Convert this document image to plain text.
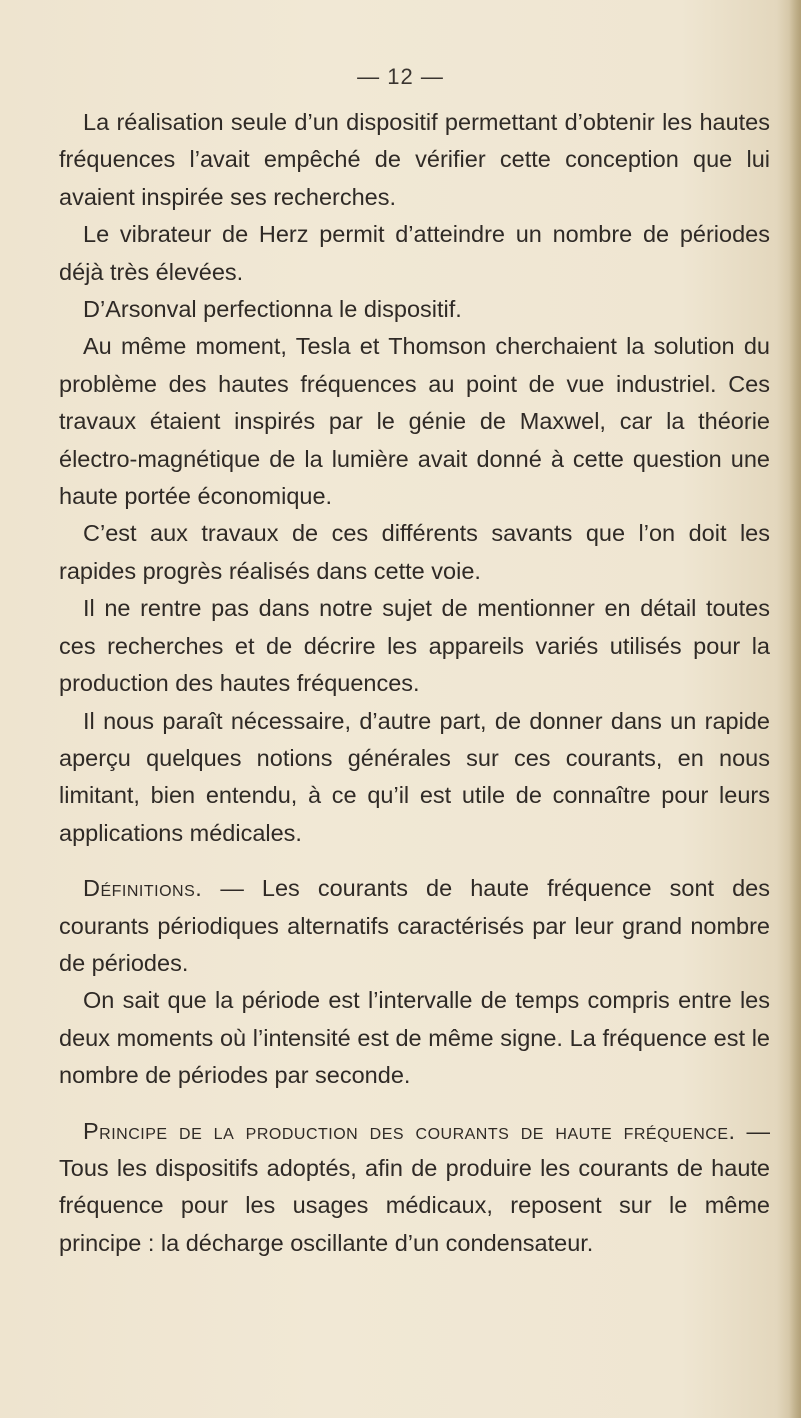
— 12 —

La réalisation seule d’un dispositif permettant d’obtenir les hautes fréquences l’avait empêché de vérifier cette conception que lui avaient inspirée ses recherches.

Le vibrateur de Herz permit d’atteindre un nombre de périodes déjà très élevées.

D’Arsonval perfectionna le dispositif.

Au même moment, Tesla et Thomson cherchaient la solution du problème des hautes fréquences au point de vue industriel. Ces travaux étaient inspirés par le génie de Maxwel, car la théorie électro-magnétique de la lumière avait donné à cette question une haute portée économique.

C’est aux travaux de ces différents savants que l’on doit les rapides progrès réalisés dans cette voie.

Il ne rentre pas dans notre sujet de mentionner en détail toutes ces recherches et de décrire les appareils variés utilisés pour la production des hautes fréquences.

Il nous paraît nécessaire, d’autre part, de donner dans un rapide aperçu quelques notions générales sur ces courants, en nous limitant, bien entendu, à ce qu’il est utile de connaître pour leurs applications médicales.

Définitions. — Les courants de haute fréquence sont des courants périodiques alternatifs caractérisés par leur grand nombre de périodes.

On sait que la période est l’intervalle de temps compris entre les deux moments où l’intensité est de même signe. La fréquence est le nombre de périodes par seconde.

Principe de la production des courants de haute fréquence. — Tous les dispositifs adoptés, afin de produire les courants de haute fréquence pour les usages médicaux, reposent sur le même principe : la décharge oscillante d’un condensateur.
